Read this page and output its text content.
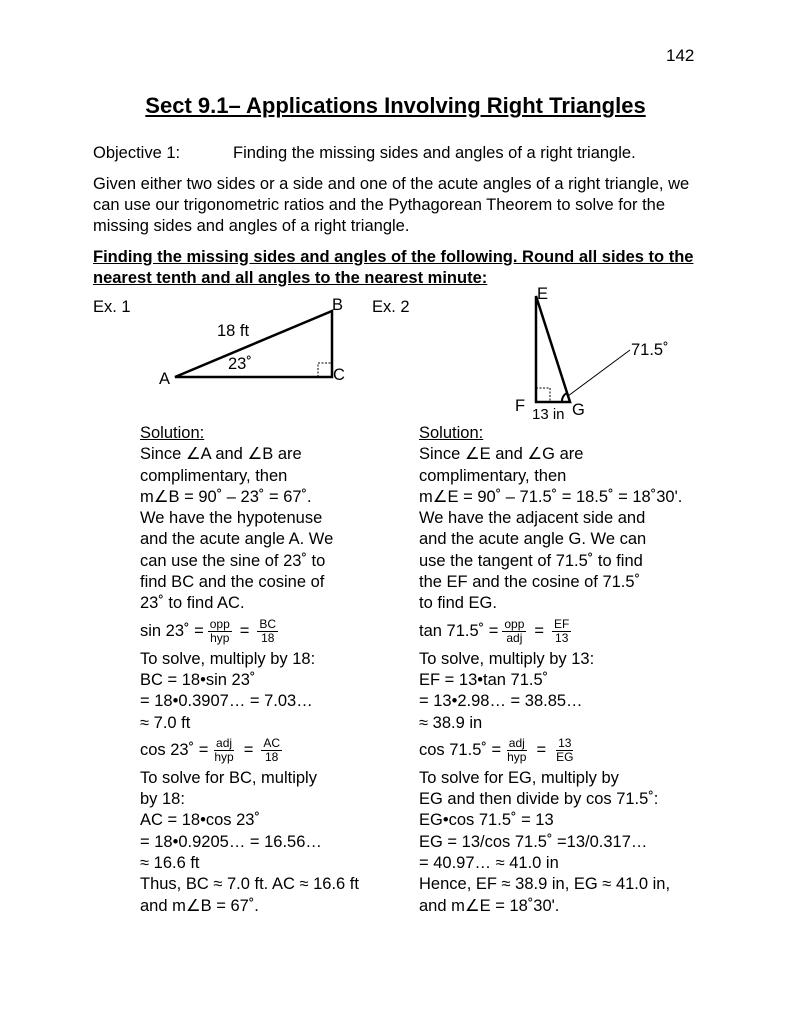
142
Sect 9.1– Applications Involving Right Triangles
Objective 1:	Finding the missing sides and angles of a right triangle.
Given either two sides or a side and one of the acute angles of a right triangle, we can use our trigonometric ratios and the Pythagorean Theorem to solve for the missing sides and angles of a right triangle.
Finding the missing sides and angles of the following. Round all sides to the nearest tenth and all angles to the nearest minute:
Ex. 1
A
B
C
18 ft
23˚
Ex. 2
E
F	G
13 in
71.5˚
Solution:
Since ∠A and ∠B are
complimentary, then
m∠B = 90˚ – 23˚ = 67˚.
We have the hypotenuse
and the acute angle A. We
can use the sine of 23˚ to
find BC and the cosine of
23˚ to find AC.
sin 23˚ = $\frac{\text{opp}}{\text{hyp}} = \frac{BC}{18}$
To solve, multiply by 18:
BC = 18•sin 23˚
= 18•0.3907… = 7.03…
≈ 7.0 ft
cos 23˚ = $\frac{\text{adj}}{\text{hyp}} = \frac{AC}{18}$
To solve for BC, multiply
by 18:
AC = 18•cos 23˚
= 18•0.9205… = 16.56…
≈ 16.6 ft
Thus, BC ≈ 7.0 ft. AC ≈ 16.6 ft
and m∠B = 67˚.
Solution:
Since ∠E and ∠G are
complimentary, then
m∠E = 90˚ – 71.5˚ = 18.5˚ = 18˚30'.
We have the adjacent side and
and the acute angle G. We can
use the tangent of 71.5˚ to find
the EF and the cosine of 71.5˚
to find EG.
tan 71.5˚ = $\frac{\text{opp}}{\text{adj}} = \frac{EF}{13}$
To solve, multiply by 13:
EF = 13•tan 71.5˚
= 13•2.98… = 38.85…
≈ 38.9 in
cos 71.5˚ = $\frac{\text{adj}}{\text{hyp}} = \frac{13}{EG}$
To solve for EG, multiply by
EG and then divide by cos 71.5˚:
EG•cos 71.5˚ = 13
EG = 13/cos 71.5˚ =13/0.317…
= 40.97… ≈ 41.0 in
Hence, EF ≈ 38.9 in, EG ≈ 41.0 in,
and m∠E = 18˚30'.
